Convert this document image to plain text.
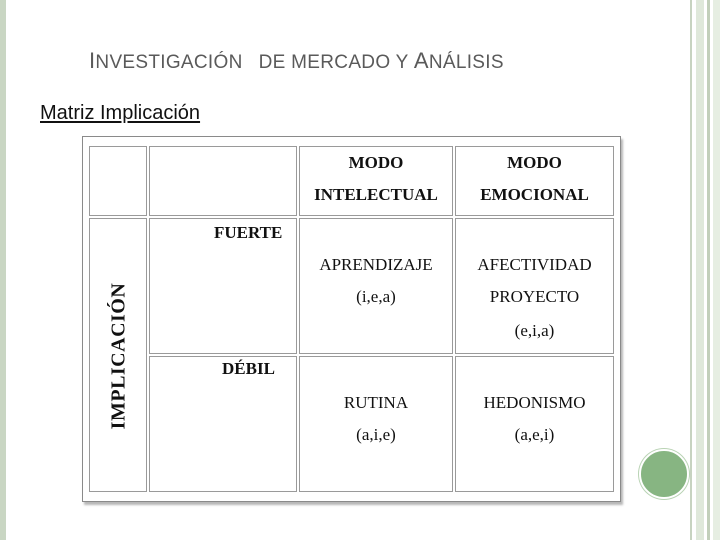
INVESTIGACIÓN DE MERCADO Y ANÁLISIS
Matriz Implicación
MODO
INTELECTUAL
MODO
EMOCIONAL
IMPLICACIÓN
FUERTE
APRENDIZAJE
(i,e,a)
AFECTIVIDAD
PROYECTO
(e,i,a)
DÉBIL
RUTINA
(a,i,e)
HEDONISMO
(a,e,i)
